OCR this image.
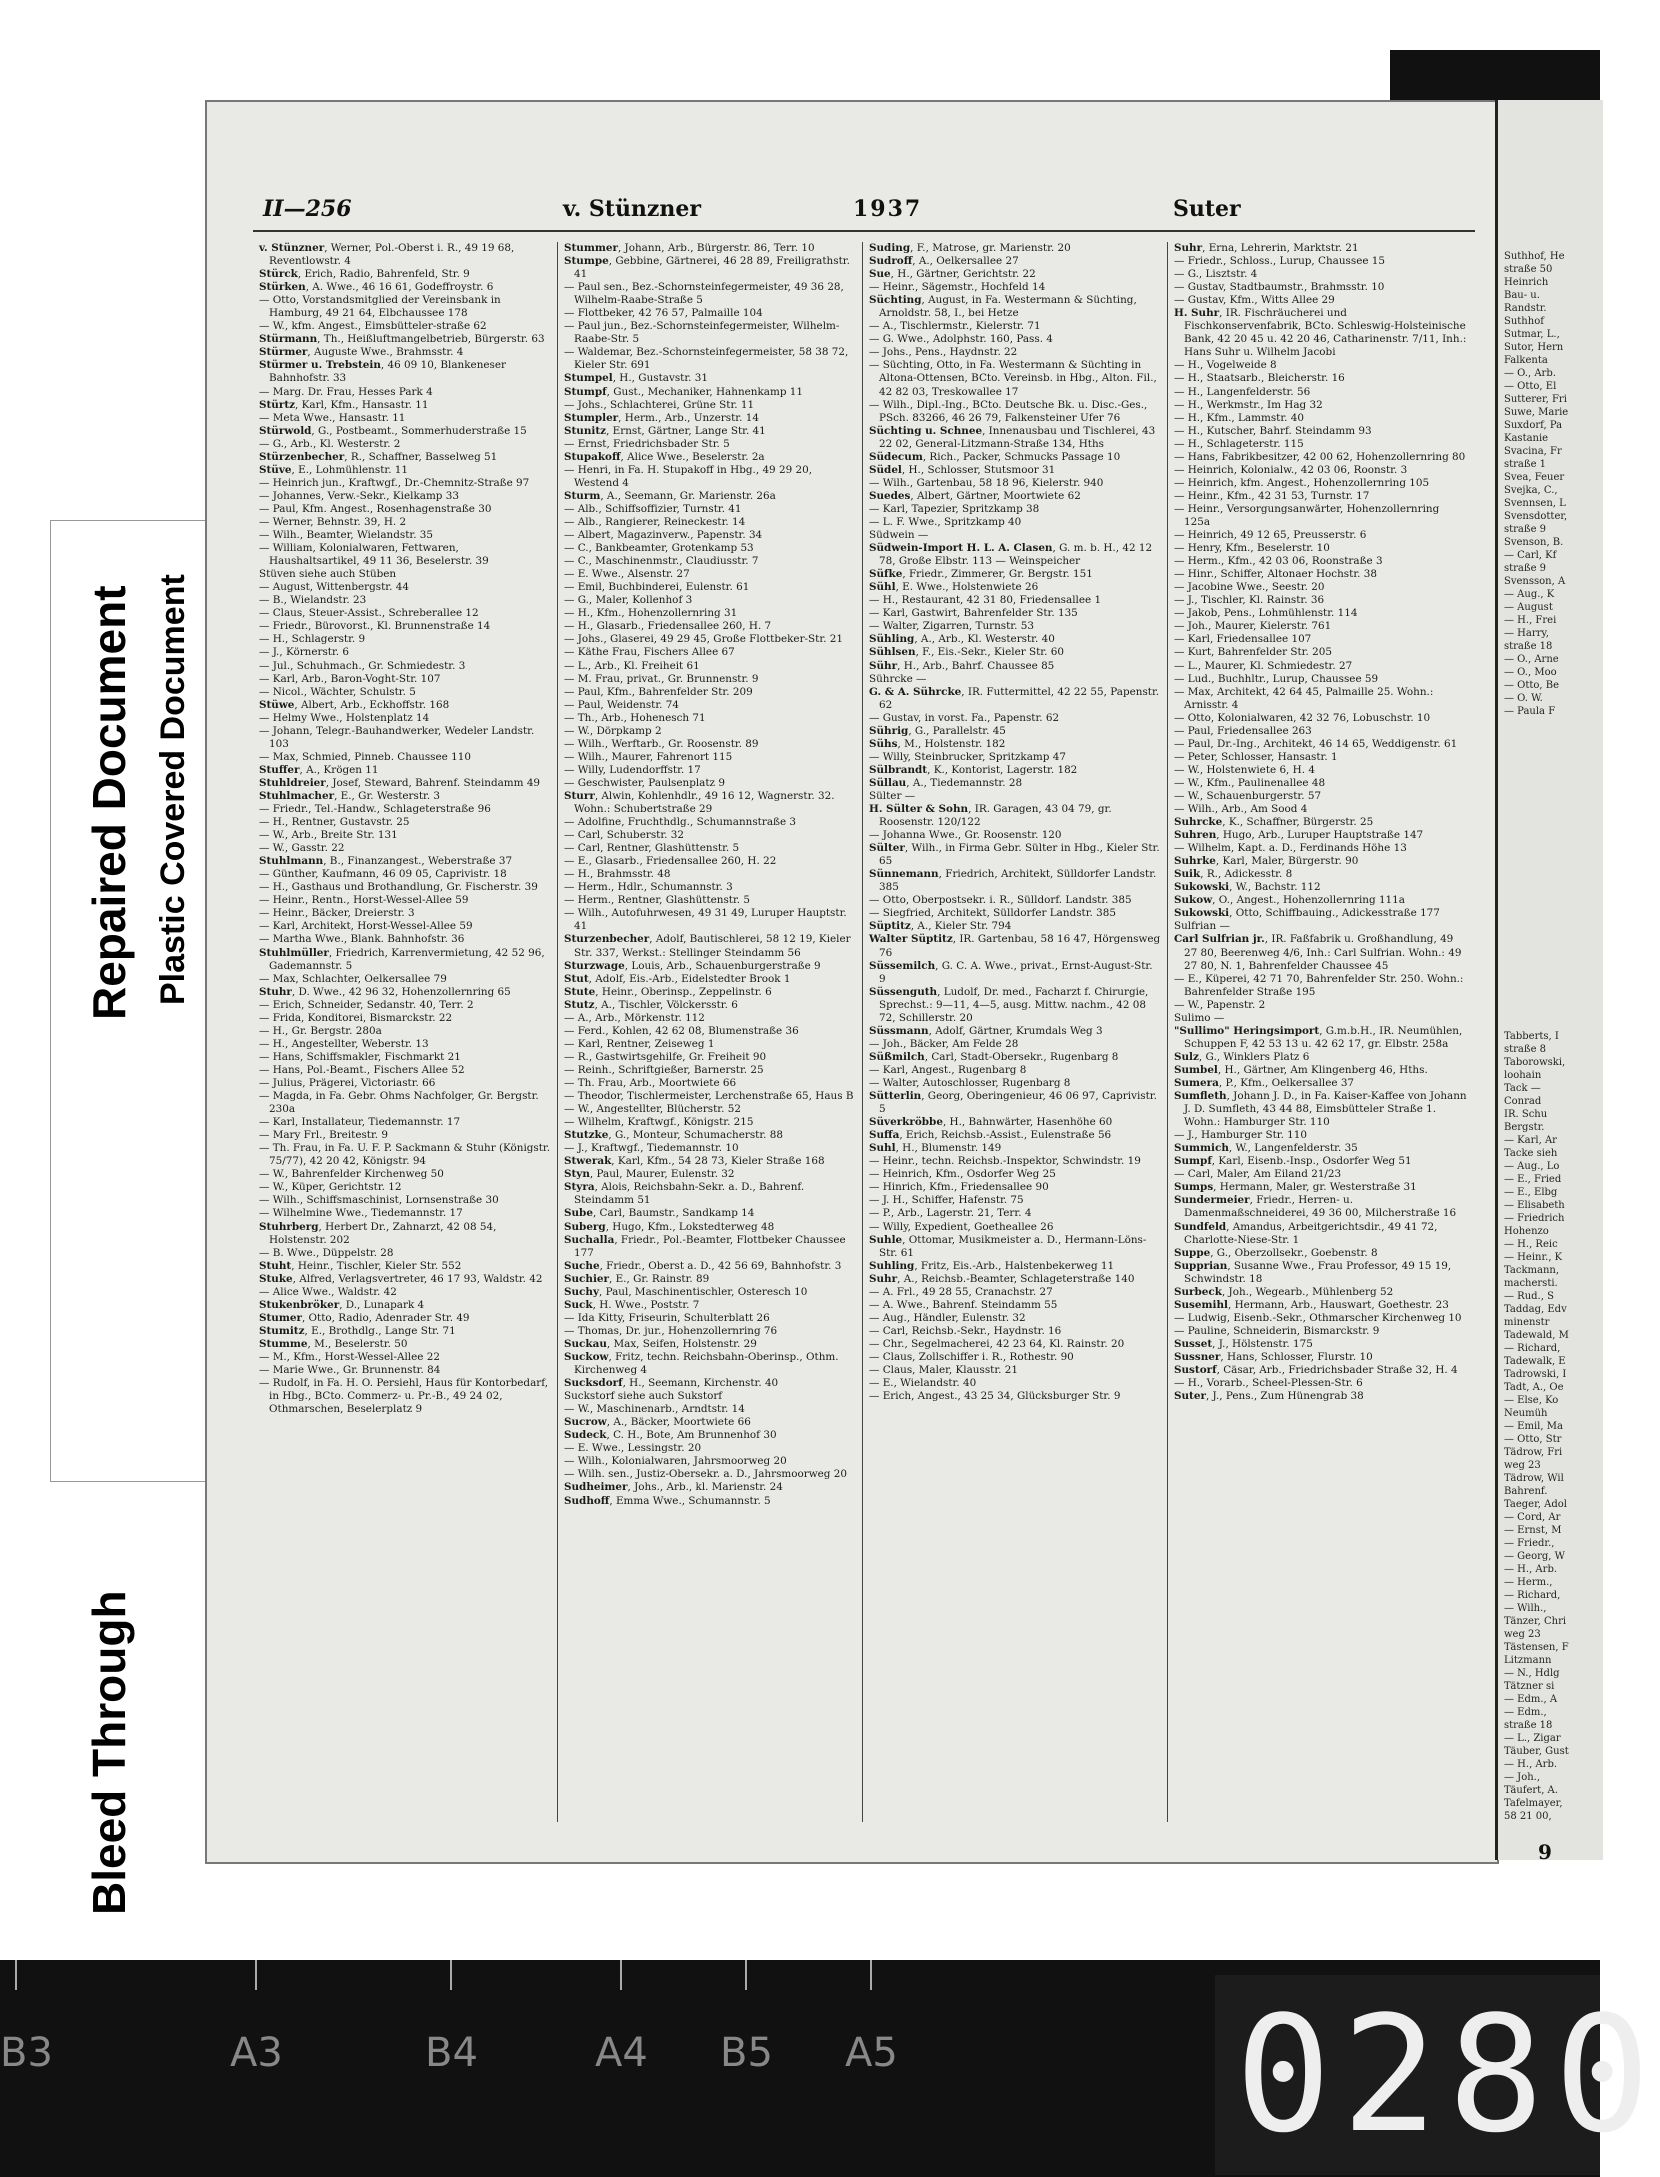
Bleed Through
Repaired Document Plastic Covered Document
II—256	v. Stünzner	1937	Suter

v. Stünzner, Werner, Pol.-Oberst i. R., 49 19 68, Reventlowstr. 4

Stürck, Erich, Radio, Bahrenfeld, Str. 9

Stürken, A. Wwe., 46 16 61, Godeffroystr. 6

— Otto, Vorstandsmitglied der Vereinsbank in Hamburg, 49 21 64, Elbchaussee 178

— W., kfm. Angest., Eimsbütteler-straße 62

Stürmann, Th., Heißluftmangelbetrieb, Bürgerstr. 63

Stürmer, Auguste Wwe., Brahmsstr. 4

Stürmer u. Trebstein, 46 09 10, Blankeneser Bahnhofstr. 33

— Marg. Dr. Frau, Hesses Park 4

Stürtz, Karl, Kfm., Hansastr. 11

— Meta Wwe., Hansastr. 11

Stürwold, G., Postbeamt., Sommerhuderstraße 15

— G., Arb., Kl. Westerstr. 2

Stürzenbecher, R., Schaffner, Basselweg 51

Stüve, E., Lohmühlenstr. 11

— Heinrich jun., Kraftwgf., Dr.-Chemnitz-Straße 97

— Johannes, Verw.-Sekr., Kielkamp 33

— Paul, Kfm. Angest., Rosenhagenstraße 30

— Werner, Behnstr. 39, H. 2

— Wilh., Beamter, Wielandstr. 35

— William, Kolonialwaren, Fettwaren, Haushaltsartikel, 49 11 36, Beselerstr. 39

Stüven siehe auch Stüben

— August, Wittenbergstr. 44

— B., Wielandstr. 23

— Claus, Steuer-Assist., Schreberallee 12

— Friedr., Bürovorst., Kl. Brunnenstraße 14

— H., Schlagerstr. 9

— J., Körnerstr. 6

— Jul., Schuhmach., Gr. Schmiedestr. 3

— Karl, Arb., Baron-Voght-Str. 107

— Nicol., Wächter, Schulstr. 5

Stüwe, Albert, Arb., Eckhoffstr. 168

— Helmy Wwe., Holstenplatz 14

— Johann, Telegr.-Bauhandwerker, Wedeler Landstr. 103

— Max, Schmied, Pinneb. Chaussee 110

Stuffer, A., Krögen 11

Stuhldreier, Josef, Steward, Bahrenf. Steindamm 49

Stuhlmacher, E., Gr. Westerstr. 3

— Friedr., Tel.-Handw., Schlageterstraße 96

— H., Rentner, Gustavstr. 25

— W., Arb., Breite Str. 131

— W., Gasstr. 22

Stuhlmann, B., Finanzangest., Weberstraße 37

— Günther, Kaufmann, 46 09 05, Caprivistr. 18

— H., Gasthaus und Brothandlung, Gr. Fischerstr. 39

— Heinr., Rentn., Horst-Wessel-Allee 59

— Heinr., Bäcker, Dreierstr. 3

— Karl, Architekt, Horst-Wessel-Allee 59

— Martha Wwe., Blank. Bahnhofstr. 36

Stuhlmüller, Friedrich, Karrenvermietung, 42 52 96, Gademannstr. 5

— Max, Schlachter, Oelkersallee 79

Stuhr, D. Wwe., 42 96 32, Hohenzollernring 65

— Erich, Schneider, Sedanstr. 40, Terr. 2

— Frida, Konditorei, Bismarckstr. 22

— H., Gr. Bergstr. 280a

— H., Angestellter, Weberstr. 13

— Hans, Schiffsmakler, Fischmarkt 21

— Hans, Pol.-Beamt., Fischers Allee 52

— Julius, Prägerei, Victoriastr. 66

— Magda, in Fa. Gebr. Ohms Nachfolger, Gr. Bergstr. 230a

— Karl, Installateur, Tiedemannstr. 17

— Mary Frl., Breitestr. 9

— Th. Frau, in Fa. U. F. P. Sackmann & Stuhr (Königstr. 75/77), 42 20 42, Königstr. 94

— W., Bahrenfelder Kirchenweg 50

— W., Küper, Gerichtstr. 12

— Wilh., Schiffsmaschinist, Lornsenstraße 30

— Wilhelmine Wwe., Tiedemannstr. 17

Stuhrberg, Herbert Dr., Zahnarzt, 42 08 54, Holstenstr. 202

— B. Wwe., Düppelstr. 28

Stuht, Heinr., Tischler, Kieler Str. 552

Stuke, Alfred, Verlagsvertreter, 46 17 93, Waldstr. 42

— Alice Wwe., Waldstr. 42

Stukenbröker, D., Lunapark 4

Stumer, Otto, Radio, Adenrader Str. 49

Stumitz, E., Brothdlg., Lange Str. 71

Stumme, M., Beselerstr. 50

— M., Kfm., Horst-Wessel-Allee 22

— Marie Wwe., Gr. Brunnenstr. 84

— Rudolf, in Fa. H. O. Persiehl, Haus für Kontorbedarf, in Hbg., BCto. Commerz- u. Pr.-B., 49 24 02, Othmarschen, Beselerplatz 9

Stummer, Johann, Arb., Bürgerstr. 86, Terr. 10

Stumpe, Gebbine, Gärtnerei, 46 28 89, Freiligrathstr. 41

— Paul sen., Bez.-Schornsteinfegermeister, 49 36 28, Wilhelm-Raabe-Straße 5

— Flottbeker, 42 76 57, Palmaille 104

— Paul jun., Bez.-Schornsteinfegermeister, Wilhelm-Raabe-Str. 5

— Waldemar, Bez.-Schornsteinfegermeister, 58 38 72, Kieler Str. 691

Stumpel, H., Gustavstr. 31

Stumpf, Gust., Mechaniker, Hahnenkamp 11

— Johs., Schlachterei, Grüne Str. 11

Stumpler, Herm., Arb., Unzerstr. 14

Stunitz, Ernst, Gärtner, Lange Str. 41

— Ernst, Friedrichsbader Str. 5

Stupakoff, Alice Wwe., Beselerstr. 2a

— Henri, in Fa. H. Stupakoff in Hbg., 49 29 20, Westend 4

Sturm, A., Seemann, Gr. Marienstr. 26a

— Alb., Schiffsoffizier, Turnstr. 41

— Alb., Rangierer, Reineckestr. 14

— Albert, Magazinverw., Papenstr. 34

— C., Bankbeamter, Grotenkamp 53

— C., Maschinenmstr., Claudiusstr. 7

— E. Wwe., Alsenstr. 27

— Emil, Buchbinderei, Eulenstr. 61

— G., Maler, Kollenhof 3

— H., Kfm., Hohenzollernring 31

— H., Glasarb., Friedensallee 260, H. 7

— Johs., Glaserei, 49 29 45, Große Flottbeker-Str. 21

— Käthe Frau, Fischers Allee 67

— L., Arb., Kl. Freiheit 61

— M. Frau, privat., Gr. Brunnenstr. 9

— Paul, Kfm., Bahrenfelder Str. 209

— Paul, Weidenstr. 74

— Th., Arb., Hohenesch 71

— W., Dörpkamp 2

— Wilh., Werftarb., Gr. Roosenstr. 89

— Wilh., Maurer, Fahrenort 115

— Willy, Ludendorffstr. 17

— Geschwister, Paulsenplatz 9

Sturr, Alwin, Kohlenhdlr., 49 16 12, Wagnerstr. 32. Wohn.: Schubertstraße 29

— Adolfine, Fruchthdlg., Schumannstraße 3

— Carl, Schuberstr. 32

— Carl, Rentner, Glashüttenstr. 5

— E., Glasarb., Friedensallee 260, H. 22

— H., Brahmsstr. 48

— Herm., Hdlr., Schumannstr. 3

— Herm., Rentner, Glashüttenstr. 5

— Wilh., Autofuhrwesen, 49 31 49, Luruper Hauptstr. 41

Sturzenbecher, Adolf, Bautischlerei, 58 12 19, Kieler Str. 337, Werkst.: Stellinger Steindamm 56

Sturzwage, Louis, Arb., Schauenburgerstraße 9

Stut, Adolf, Eis.-Arb., Eidelstedter Brook 1

Stute, Heinr., Oberinsp., Zeppelinstr. 6

Stutz, A., Tischler, Völckersstr. 6

— A., Arb., Mörkenstr. 112

— Ferd., Kohlen, 42 62 08, Blumenstraße 36

— Karl, Rentner, Zeiseweg 1

— R., Gastwirtsgehilfe, Gr. Freiheit 90

— Reinh., Schriftgießer, Barnerstr. 25

— Th. Frau, Arb., Moortwiete 66

— Theodor, Tischlermeister, Lerchenstraße 65, Haus B

— W., Angestellter, Blücherstr. 52

— Wilhelm, Kraftwgf., Königstr. 215

Stutzke, G., Monteur, Schumacherstr. 88

— J., Kraftwgf., Tiedemannstr. 10

Stwerak, Karl, Kfm., 54 28 73, Kieler Straße 168

Styn, Paul, Maurer, Eulenstr. 32

Styra, Alois, Reichsbahn-Sekr. a. D., Bahrenf. Steindamm 51

Sube, Carl, Baumstr., Sandkamp 14

Suberg, Hugo, Kfm., Lokstedterweg 48

Suchalla, Friedr., Pol.-Beamter, Flottbeker Chaussee 177

Suche, Friedr., Oberst a. D., 42 56 69, Bahnhofstr. 3

Suchier, E., Gr. Rainstr. 89

Suchy, Paul, Maschinentischler, Osteresch 10

Suck, H. Wwe., Poststr. 7

— Ida Kitty, Friseurin, Schulterblatt 26

— Thomas, Dr. jur., Hohenzollernring 76

Suckau, Max, Seifen, Holstenstr. 29

Suckow, Fritz, techn. Reichsbahn-Oberinsp., Othm. Kirchenweg 4

Sucksdorf, H., Seemann, Kirchenstr. 40

Suckstorf siehe auch Sukstorf

— W., Maschinenarb., Arndtstr. 14

Sucrow, A., Bäcker, Moortwiete 66

Sudeck, C. H., Bote, Am Brunnenhof 30

— E. Wwe., Lessingstr. 20

— Wilh., Kolonialwaren, Jahrsmoorweg 20

— Wilh. sen., Justiz-Obersekr. a. D., Jahrsmoorweg 20

Sudheimer, Johs., Arb., kl. Marienstr. 24

Sudhoff, Emma Wwe., Schumannstr. 5

Suding, F., Matrose, gr. Marienstr. 20

Sudroff, A., Oelkersallee 27

Sue, H., Gärtner, Gerichtstr. 22

— Heinr., Sägemstr., Hochfeld 14

Süchting, August, in Fa. Westermann & Süchting, Arnoldstr. 58, I., bei Hetze

— A., Tischlermstr., Kielerstr. 71

— G. Wwe., Adolphstr. 160, Pass. 4

— Johs., Pens., Haydnstr. 22

— Süchting, Otto, in Fa. Westermann & Süchting in Altona-Ottensen, BCto. Vereinsb. in Hbg., Alton. Fil., 42 82 03, Treskowallee 17

— Wilh., Dipl.-Ing., BCto. Deutsche Bk. u. Disc.-Ges., PSch. 83266, 46 26 79, Falkensteiner Ufer 76

Süchting u. Schnee, Innenausbau und Tischlerei, 43 22 02, General-Litzmann-Straße 134, Hths

Südecum, Rich., Packer, Schmucks Passage 10

Südel, H., Schlosser, Stutsmoor 31

— Wilh., Gartenbau, 58 18 96, Kielerstr. 940

Suedes, Albert, Gärtner, Moortwiete 62

— Karl, Tapezier, Spritzkamp 38

— L. F. Wwe., Spritzkamp 40

Südwein —

Südwein-Import H. L. A. Clasen, G. m. b. H., 42 12 78, Große Elbstr. 113 — Weinspeicher

Süfke, Friedr., Zimmerer, Gr. Bergstr. 151

Sühl, E. Wwe., Holstenwiete 26

— H., Restaurant, 42 31 80, Friedensallee 1

— Karl, Gastwirt, Bahrenfelder Str. 135

— Walter, Zigarren, Turnstr. 53

Sühling, A., Arb., Kl. Westerstr. 40

Sühlsen, F., Eis.-Sekr., Kieler Str. 60

Sühr, H., Arb., Bahrf. Chaussee 85

Sührcke —

G. & A. Sührcke, IR. Futtermittel, 42 22 55, Papenstr. 62

— Gustav, in vorst. Fa., Papenstr. 62

Sührig, G., Parallelstr. 45

Sühs, M., Holstenstr. 182

— Willy, Steinbrucker, Spritzkamp 47

Sülbrandt, K., Kontorist, Lagerstr. 182

Süllau, A., Tiedemannstr. 28

Sülter —

H. Sülter & Sohn, IR. Garagen, 43 04 79, gr. Roosenstr. 120/122

— Johanna Wwe., Gr. Roosenstr. 120

Sülter, Wilh., in Firma Gebr. Sülter in Hbg., Kieler Str. 65

Sünnemann, Friedrich, Architekt, Sülldorfer Landstr. 385

— Otto, Oberpostsekr. i. R., Sülldorf. Landstr. 385

— Siegfried, Architekt, Sülldorfer Landstr. 385

Süptitz, A., Kieler Str. 794

Walter Süptitz, IR. Gartenbau, 58 16 47, Hörgensweg 76

Süssemilch, G. C. A. Wwe., privat., Ernst-August-Str. 9

Süssenguth, Ludolf, Dr. med., Facharzt f. Chirurgie, Sprechst.: 9—11, 4—5, ausg. Mittw. nachm., 42 08 72, Schillerstr. 20

Süssmann, Adolf, Gärtner, Krumdals Weg 3

— Joh., Bäcker, Am Felde 28

Süßmilch, Carl, Stadt-Obersekr., Rugenbarg 8

— Karl, Angest., Rugenbarg 8

— Walter, Autoschlosser, Rugenbarg 8

Sütterlin, Georg, Oberingenieur, 46 06 97, Caprivistr. 5

Süverkröbbe, H., Bahnwärter, Hasenhöhe 60

Suffa, Erich, Reichsb.-Assist., Eulenstraße 56

Suhl, H., Blumenstr. 149

— Heinr., techn. Reichsb.-Inspektor, Schwindstr. 19

— Heinrich, Kfm., Osdorfer Weg 25

— Hinrich, Kfm., Friedensallee 90

— J. H., Schiffer, Hafenstr. 75

— P., Arb., Lagerstr. 21, Terr. 4

— Willy, Expedient, Goetheallee 26

Suhle, Ottomar, Musikmeister a. D., Hermann-Löns-Str. 61

Suhling, Fritz, Eis.-Arb., Halstenbekerweg 11

Suhr, A., Reichsb.-Beamter, Schlageterstraße 140

— A. Frl., 49 28 55, Cranachstr. 27

— A. Wwe., Bahrenf. Steindamm 55

— Aug., Händler, Eulenstr. 32

— Carl, Reichsb.-Sekr., Haydnstr. 16

— Chr., Segelmacherei, 42 23 64, Kl. Rainstr. 20

— Claus, Zollschiffer i. R., Rothestr. 90

— Claus, Maler, Klausstr. 21

— E., Wielandstr. 40

— Erich, Angest., 43 25 34, Glücksburger Str. 9

Suhr, Erna, Lehrerin, Marktstr. 21

— Friedr., Schloss., Lurup, Chaussee 15

— G., Lisztstr. 4

— Gustav, Stadtbaumstr., Brahmsstr. 10

— Gustav, Kfm., Witts Allee 29

H. Suhr, IR. Fischräucherei und Fischkonservenfabrik, BCto. Schleswig-Holsteinische Bank, 42 20 45 u. 42 20 46, Catharinenstr. 7/11, Inh.: Hans Suhr u. Wilhelm Jacobi

— H., Vogelweide 8

— H., Staatsarb., Bleicherstr. 16

— H., Langenfelderstr. 56

— H., Werkmstr., Im Hag 32

— H., Kfm., Lammstr. 40

— H., Kutscher, Bahrf. Steindamm 93

— H., Schlageterstr. 115

— Hans, Fabrikbesitzer, 42 00 62, Hohenzollernring 80

— Heinrich, Kolonialw., 42 03 06, Roonstr. 3

— Heinrich, kfm. Angest., Hohenzollernring 105

— Heinr., Kfm., 42 31 53, Turnstr. 17

— Heinr., Versorgungsanwärter, Hohenzollernring 125a

— Heinrich, 49 12 65, Preusserstr. 6

— Henry, Kfm., Beselerstr. 10

— Herm., Kfm., 42 03 06, Roonstraße 3

— Hinr., Schiffer, Altonaer Hochstr. 38

— Jacobine Wwe., Seestr. 20

— J., Tischler, Kl. Rainstr. 36

— Jakob, Pens., Lohmühlenstr. 114

— Joh., Maurer, Kielerstr. 761

— Karl, Friedensallee 107

— Kurt, Bahrenfelder Str. 205

— L., Maurer, Kl. Schmiedestr. 27

— Lud., Buchhltr., Lurup, Chaussee 59

— Max, Architekt, 42 64 45, Palmaille 25. Wohn.: Arnisstr. 4

— Otto, Kolonialwaren, 42 32 76, Lobuschstr. 10

— Paul, Friedensallee 263

— Paul, Dr.-Ing., Architekt, 46 14 65, Weddigenstr. 61

— Peter, Schlosser, Hansastr. 1

— W., Holstenwiete 6, H. 4

— W., Kfm., Paulinenallee 48

— W., Schauenburgerstr. 57

— Wilh., Arb., Am Sood 4

Suhrcke, K., Schaffner, Bürgerstr. 25

Suhren, Hugo, Arb., Luruper Hauptstraße 147

— Wilhelm, Kapt. a. D., Ferdinands Höhe 13

Suhrke, Karl, Maler, Bürgerstr. 90

Suik, R., Adickesstr. 8

Sukowski, W., Bachstr. 112

Sukow, O., Angest., Hohenzollernring 111a

Sukowski, Otto, Schiffbauing., Adickesstraße 177

Sulfrian —

Carl Sulfrian jr., IR. Faßfabrik u. Großhandlung, 49 27 80, Beerenweg 4/6, Inh.: Carl Sulfrian. Wohn.: 49 27 80, N. 1, Bahrenfelder Chaussee 45

— E., Küperei, 42 71 70, Bahrenfelder Str. 250. Wohn.: Bahrenfelder Straße 195

— W., Papenstr. 2

Sulimo —

"Sullimo" Heringsimport, G.m.b.H., IR. Neumühlen, Schuppen F, 42 53 13 u. 42 62 17, gr. Elbstr. 258a

Sulz, G., Winklers Platz 6

Sumbel, H., Gärtner, Am Klingenberg 46, Hths.

Sumera, P., Kfm., Oelkersallee 37

Sumfleth, Johann J. D., in Fa. Kaiser-Kaffee von Johann J. D. Sumfleth, 43 44 88, Eimsbütteler Straße 1. Wohn.: Hamburger Str. 110

— J., Hamburger Str. 110

Summich, W., Langenfelderstr. 35

Sumpf, Karl, Eisenb.-Insp., Osdorfer Weg 51

— Carl, Maler, Am Eiland 21/23

Sumps, Hermann, Maler, gr. Westerstraße 31

Sundermeier, Friedr., Herren- u. Damenmaßschneiderei, 49 36 00, Milcherstraße 16

Sundfeld, Amandus, Arbeitgerichtsdir., 49 41 72, Charlotte-Niese-Str. 1

Suppe, G., Oberzollsekr., Goebenstr. 8

Supprian, Susanne Wwe., Frau Professor, 49 15 19, Schwindstr. 18

Surbeck, Joh., Wegearb., Mühlenberg 52

Susemihl, Hermann, Arb., Hauswart, Goethestr. 23

— Ludwig, Eisenb.-Sekr., Othmarscher Kirchenweg 10

— Pauline, Schneiderin, Bismarckstr. 9

Susset, J., Hölstenstr. 175

Sussner, Hans, Schlosser, Flurstr. 10

Sustorf, Cäsar, Arb., Friedrichsbader Straße 32, H. 4

— H., Vorarb., Scheel-Plessen-Str. 6

Suter, J., Pens., Zum Hünengrab 38

Suthhof, He
straße 50
Heinrich
Bau- u.
Randstr.
Suthhof
Sutmar, L.,
Sutor, Hern
Falkenta
— O., Arb.
— Otto, El
Sutterer, Fri
Suwe, Marie
Suxdorf, Pa
Kastanie
Svacina, Fr
straße 1
Svea, Feuer
Svejka, C.,
Svennsen, L
Svensdotter,
straße 9
Svenson, B.
— Carl, Kf
straße 9
Svensson, A
— Aug., K
— August
— H., Frei
— Harry,
straße 18
— O., Arne
— O., Moo
— Otto, Be
— O. W.
— Paula F
Tabberts, I
straße 8
Taborowski,
loohain
Tack —
Conrad
IR. Schu
Bergstr.
— Karl, Ar
Tacke sieh
— Aug., Lo
— E., Fried
— E., Elbg
— Elisabeth
— Friedrich
Hohenzo
— H., Reic
— Heinr., K
Tackmann,
machersti.
— Rud., S
Taddag, Edv
minenstr
Tadewald, M
— Richard,
Tadewalk, E
Tadrowski, I
Tadt, A., Oe
— Else, Ko
Neumüh
— Emil, Ma
— Otto, Str
Tädrow, Fri
weg 23
Tädrow, Wil
Bahrenf.
Taeger, Adol
— Cord, Ar
— Ernst, M
— Friedr.,
— Georg, W
— H., Arb.
— Herm.,
— Richard,
— Wilh.,
Tänzer, Chri
weg 23
Tästensen, F
Litzmann
— N., Hdlg
Tätzner si
— Edm., A
— Edm.,
straße 18
— L., Zigar
Täuber, Gust
— H., Arb.
— Joh.,
Täufert, A.
Tafelmayer,
58 21 00,
9
B3	A3	B4	A4 B5 A5 0280
